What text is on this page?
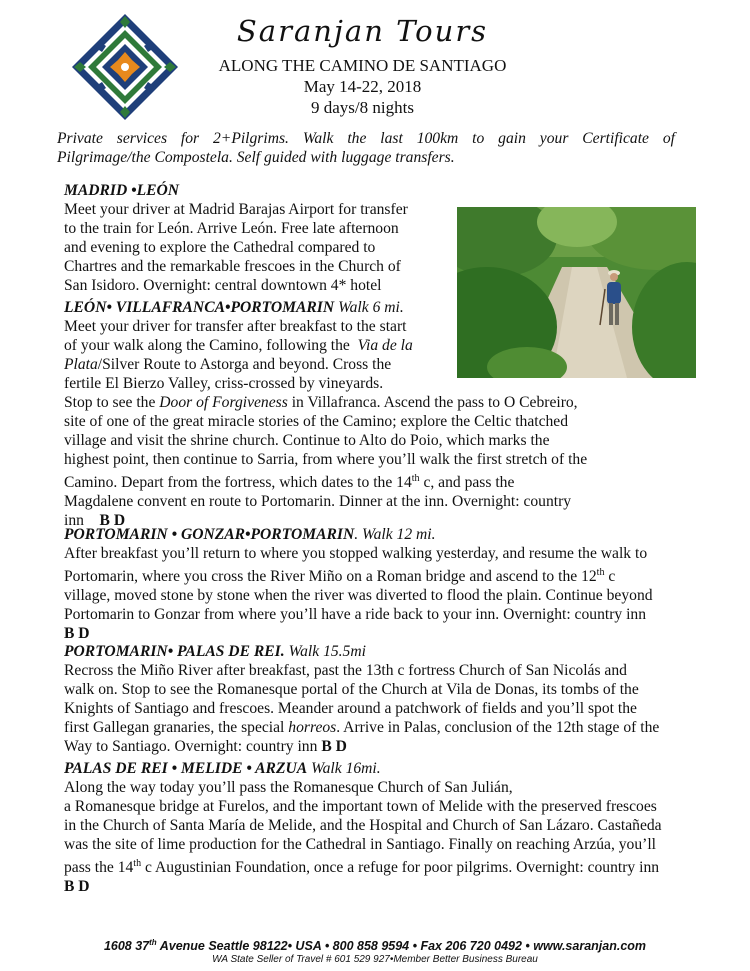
Saranjan Tours
ALONG THE CAMINO DE SANTIAGO
May 14-22, 2018
9 days/8 nights
Private services for 2+Pilgrims. Walk the last 100km to gain your Certificate of
Pilgrimage/the Compostela. Self guided with luggage transfers.
MADRID •LEÓN
Meet your driver at Madrid Barajas Airport for transfer
to the train for León. Arrive León. Free late afternoon
and evening to explore the Cathedral compared to
Chartres and the remarkable frescoes in the Church of
San Isidoro. Overnight: central downtown 4* hotel
LEÓN• VILLAFRANCA•PORTOMARIN Walk 6 mi.
Meet your driver for transfer after breakfast to the start
of your walk along the Camino, following the Via de la
Plata/Silver Route to Astorga and beyond. Cross the
fertile El Bierzo Valley, criss-crossed by vineyards.
Stop to see the Door of Forgiveness in Villafranca. Ascend the pass to O Cebreiro,
site of one of the great miracle stories of the Camino; explore the Celtic thatched
village and visit the shrine church. Continue to Alto do Poio, which marks the
highest point, then continue to Sarria, from where you’ll walk the first stretch of the
Camino. Depart from the fortress, which dates to the 14th c, and pass the
Magdalene convent en route to Portomarin. Dinner at the inn. Overnight: country
inn B D
PORTOMARIN • GONZAR•PORTOMARIN. Walk 12 mi.
After breakfast you’ll return to where you stopped walking yesterday, and resume the walk to
Portomarin, where you cross the River Miño on a Roman bridge and ascend to the 12th c
village, moved stone by stone when the river was diverted to flood the plain. Continue beyond
Portomarin to Gonzar from where you’ll have a ride back to your inn. Overnight: country inn
B D
PORTOMARIN• PALAS DE REI. Walk 15.5mi
Recross the Miño River after breakfast, past the 13th c fortress Church of San Nicolás and
walk on. Stop to see the Romanesque portal of the Church at Vila de Donas, its tombs of the
Knights of Santiago and frescoes. Meander around a patchwork of fields and you’ll spot the
first Gallegan granaries, the special horreos. Arrive in Palas, conclusion of the 12th stage of the
Way to Santiago. Overnight: country inn B D
PALAS DE REI • MELIDE • ARZUA Walk 16mi.
Along the way today you’ll pass the Romanesque Church of San Julián,
a Romanesque bridge at Furelos, and the important town of Melide with the preserved frescoes
in the Church of Santa María de Melide, and the Hospital and Church of San Lázaro. Castañeda
was the site of lime production for the Cathedral in Santiago. Finally on reaching Arzúa, you’ll
pass the 14th c Augustinian Foundation, once a refuge for poor pilgrims. Overnight: country inn
B D
1608 37th Avenue Seattle 98122• USA • 800 858 9594 • Fax 206 720 0492 • www.saranjan.com
WA State Seller of Travel # 601 529 927•Member Better Business Bureau
